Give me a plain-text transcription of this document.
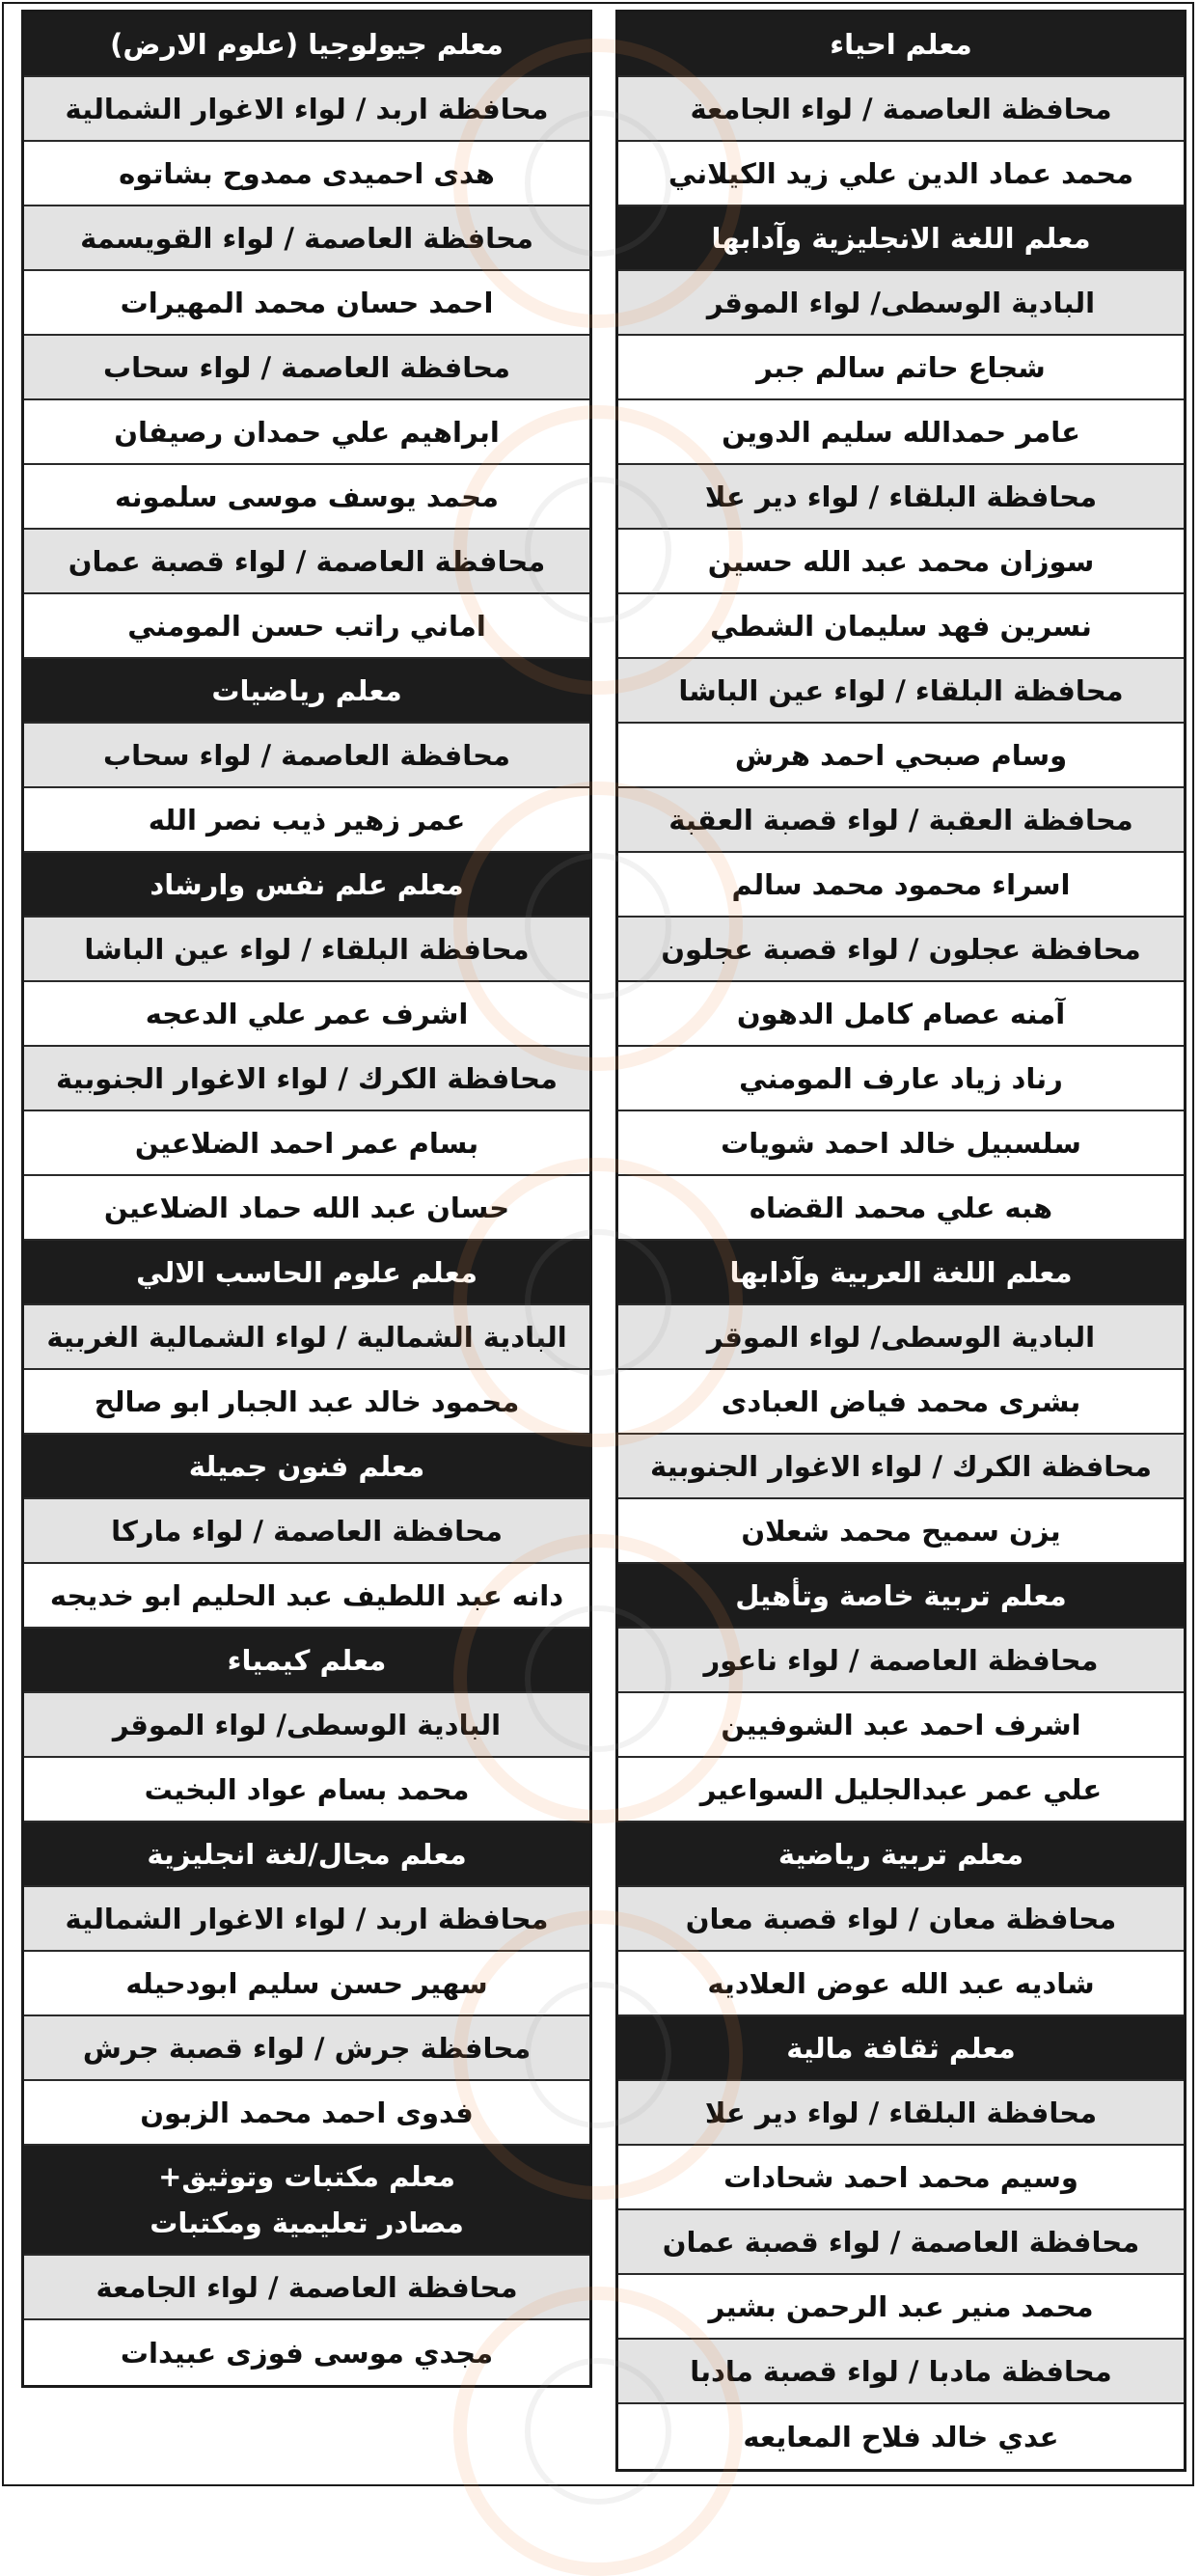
معلم احياء
محافظة العاصمة / لواء الجامعة
محمد عماد الدين علي زيد الكيلاني
معلم اللغة الانجليزية وآدابها
البادية الوسطى/ لواء الموقر
شجاع حاتم سالم جبر
عامر حمدالله سليم الدوين
محافظة البلقاء / لواء دير علا
سوزان محمد عبد الله حسين
نسرين فهد سليمان الشطي
محافظة البلقاء / لواء عين الباشا
وسام صبحي احمد هرش
محافظة العقبة / لواء قصبة العقبة
اسراء محمود محمد سالم
محافظة عجلون / لواء قصبة عجلون
آمنه عصام كامل الدهون
رناد زياد عارف المومني
سلسبيل خالد احمد شويات
هبه علي محمد القضاه
معلم اللغة العربية وآدابها
البادية الوسطى/ لواء الموقر
بشرى محمد فياض العبادى
محافظة الكرك / لواء الاغوار الجنوبية
يزن سميح محمد شعلان
معلم تربية خاصة وتأهيل
محافظة العاصمة / لواء ناعور
اشرف احمد عبد الشوفيين
علي عمر عبدالجليل السواعير
معلم تربية رياضية
محافظة معان / لواء قصبة معان
شاديه عبد الله عوض العلاديه
معلم ثقافة مالية
محافظة البلقاء / لواء دير علا
وسيم محمد احمد شحادات
محافظة العاصمة / لواء قصبة عمان
محمد منير عبد الرحمن بشير
محافظة مادبا / لواء قصبة مادبا
عدي خالد فلاح المعايعه
معلم جيولوجيا (علوم الارض)
محافظة اربد / لواء الاغوار الشمالية
هدى احميدى ممدوح بشاتوه
محافظة العاصمة / لواء القويسمة
احمد حسان محمد المهيرات
محافظة العاصمة / لواء سحاب
ابراهيم علي حمدان رصيفان
محمد يوسف موسى سلمونه
محافظة العاصمة / لواء قصبة عمان
اماني راتب حسن المومني
معلم رياضيات
محافظة العاصمة / لواء سحاب
عمر زهير ذيب نصر الله
معلم علم نفس وارشاد
محافظة البلقاء / لواء عين الباشا
اشرف عمر علي الدعجه
محافظة الكرك / لواء الاغوار الجنوبية
بسام عمر احمد الضلاعين
حسان عبد الله حماد الضلاعين
معلم علوم الحاسب الالي
البادية الشمالية / لواء الشمالية الغربية
محمود خالد عبد الجبار ابو صالح
معلم فنون جميلة
محافظة العاصمة / لواء ماركا
دانه عبد اللطيف عبد الحليم ابو خديجه
معلم كيمياء
البادية الوسطى/ لواء الموقر
محمد بسام عواد البخيت
معلم مجال/لغة انجليزية
محافظة اربد / لواء الاغوار الشمالية
سهير حسن سليم ابودحيله
محافظة جرش / لواء قصبة جرش
فدوى احمد محمد الزبون
معلم مكتبات وتوثيق+
مصادر تعليمية ومكتبات
محافظة العاصمة / لواء الجامعة
مجدي موسى فوزى عبيدات
